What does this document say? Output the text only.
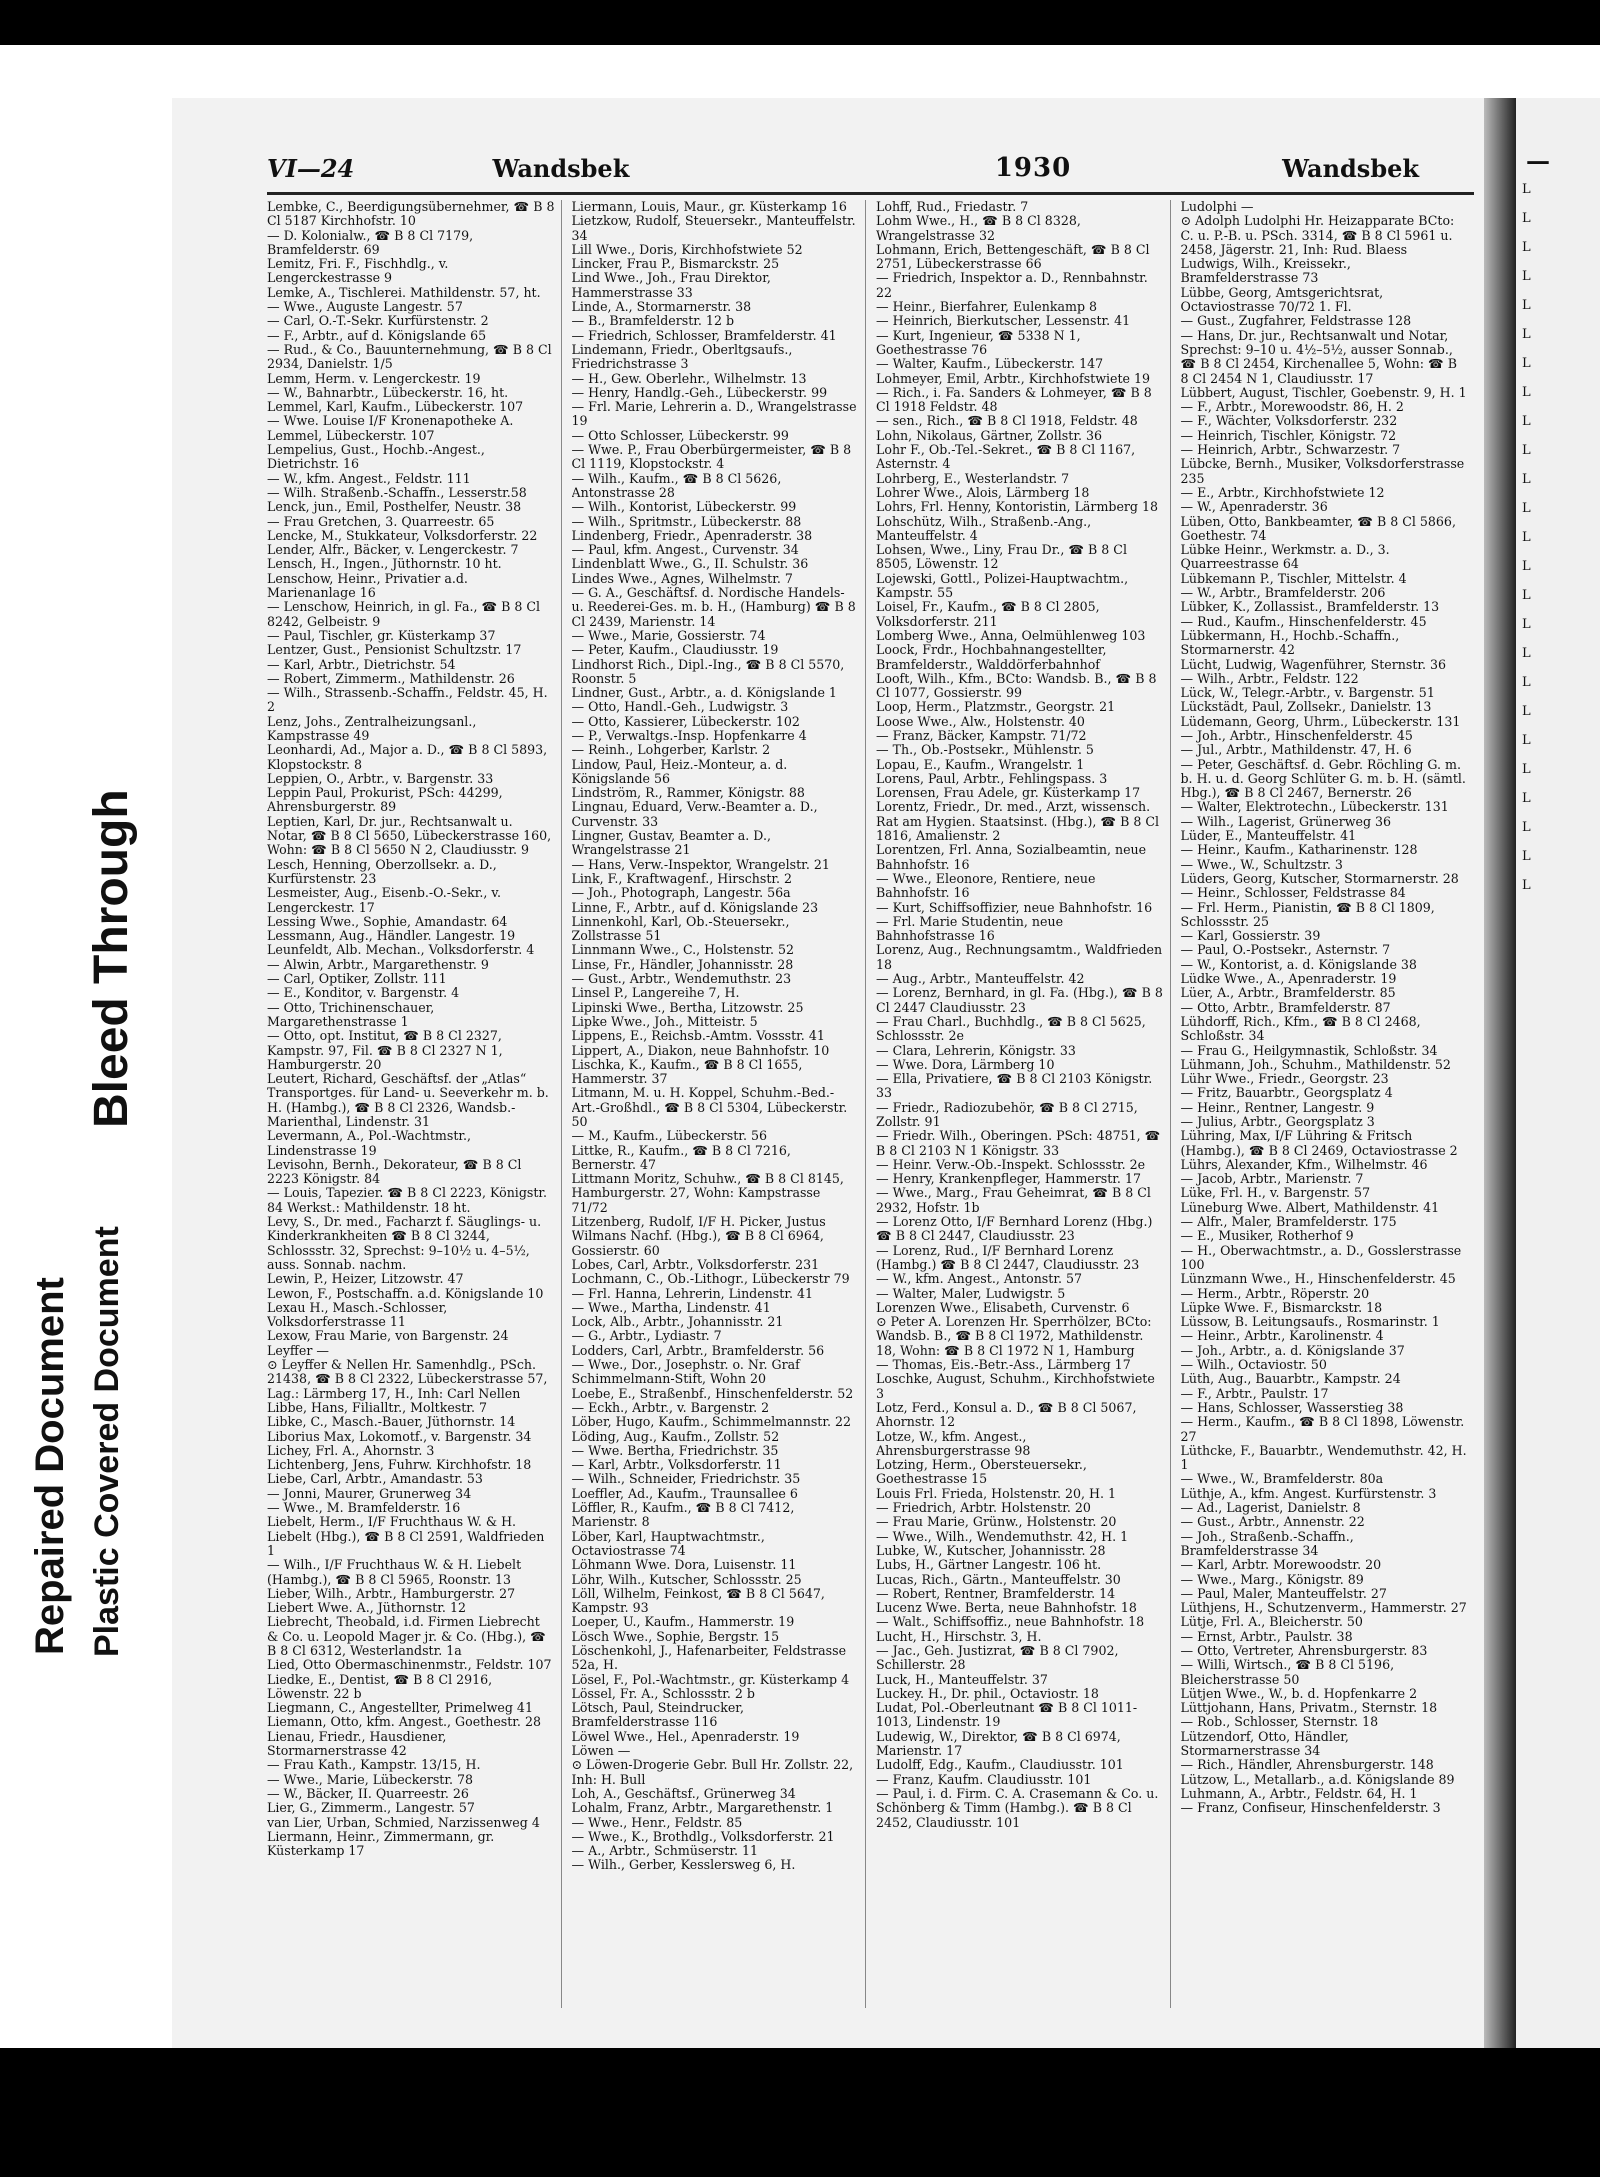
Repaired Document Plastic Covered Document
Bleed Through
VI—24	Wandsbek	1930	Wandsbek
Lembke, C., Beerdigungsübernehmer, ☎ B 8 Cl 5187 Kirchhofstr. 10
— D. Kolonialw., ☎ B 8 Cl 7179, Bramfelderstr. 69
Lemitz, Fri. F., Fischhdlg., v. Lengerckestrasse 9
Lemke, A., Tischlerei. Mathildenstr. 57, ht.
— Wwe., Auguste Langestr. 57
— Carl, O.-T.-Sekr. Kurfürstenstr. 2
— F., Arbtr., auf d. Königslande 65
— Rud., & Co., Bauunternehmung, ☎ B 8 Cl 2934, Danielstr. 1/5
Lemm, Herm. v. Lengerckestr. 19
— W., Bahnarbtr., Lübeckerstr. 16, ht.
Lemmel, Karl, Kaufm., Lübeckerstr. 107
— Wwe. Louise I/F Kronenapotheke A. Lemmel, Lübeckerstr. 107
Lempelius, Gust., Hochb.-Angest., Dietrichstr. 16
— W., kfm. Angest., Feldstr. 111
— Wilh. Straßenb.-Schaffn., Lesserstr.58
Lenck, jun., Emil, Posthelfer, Neustr. 38
— Frau Gretchen, 3. Quarreestr. 65
Lencke, M., Stukkateur, Volksdorferstr. 22
Lender, Alfr., Bäcker, v. Lengerckestr. 7
Lensch, H., Ingen., Jüthornstr. 10 ht.
Lenschow, Heinr., Privatier a.d. Marienanlage 16
— Lenschow, Heinrich, in gl. Fa., ☎ B 8 Cl 8242, Gelbeistr. 9
— Paul, Tischler, gr. Küsterkamp 37
Lentzer, Gust., Pensionist Schultzstr. 17
— Karl, Arbtr., Dietrichstr. 54
— Robert, Zimmerm., Mathildenstr. 26
— Wilh., Strassenb.-Schaffn., Feldstr. 45, H. 2
Lenz, Johs., Zentralheizungsanl., Kampstrasse 49
Leonhardi, Ad., Major a. D., ☎ B 8 Cl 5893, Klopstockstr. 8
Leppien, O., Arbtr., v. Bargenstr. 33
Leppin Paul, Prokurist, PSch: 44299, Ahrensburgerstr. 89
Leptien, Karl, Dr. jur., Rechtsanwalt u. Notar, ☎ B 8 Cl 5650, Lübeckerstrasse 160, Wohn: ☎ B 8 Cl 5650 N 2, Claudiusstr. 9
Lesch, Henning, Oberzollsekr. a. D., Kurfürstenstr. 23
Lesmeister, Aug., Eisenb.-O.-Sekr., v. Lengerckestr. 17
Lessing Wwe., Sophie, Amandastr. 64
Lessmann, Aug., Händler. Langestr. 19
Leunfeldt, Alb. Mechan., Volksdorferstr. 4
— Alwin, Arbtr., Margarethenstr. 9
— Carl, Optiker, Zollstr. 111
— E., Konditor, v. Bargenstr. 4
— Otto, Trichinenschauer, Margarethenstrasse 1
— Otto, opt. Institut, ☎ B 8 Cl 2327, Kampstr. 97, Fil. ☎ B 8 Cl 2327 N 1, Hamburgerstr. 20
Leutert, Richard, Geschäftsf. der „Atlas“ Transportges. für Land- u. Seeverkehr m. b. H. (Hambg.), ☎ B 8 Cl 2326, Wandsb.-Marienthal, Lindenstr. 31
Levermann, A., Pol.-Wachtmstr., Lindenstrasse 19
Levisohn, Bernh., Dekorateur, ☎ B 8 Cl 2223 Königstr. 84
— Louis, Tapezier. ☎ B 8 Cl 2223, Königstr. 84 Werkst.: Mathildenstr. 18 ht.
Levy, S., Dr. med., Facharzt f. Säuglings- u. Kinderkrankheiten ☎ B 8 Cl 3244, Schlossstr. 32, Sprechst: 9–10½ u. 4–5½, auss. Sonnab. nachm.
Lewin, P., Heizer, Litzowstr. 47
Lewon, F., Postschaffn. a.d. Königslande 10
Lexau H., Masch.-Schlosser, Volksdorferstrasse 11
Lexow, Frau Marie, von Bargenstr. 24
Leyffer —
⊙ Leyffer & Nellen Hr. Samenhdlg., PSch. 21438, ☎ B 8 Cl 2322, Lübeckerstrasse 57, Lag.: Lärmberg 17, H., Inh: Carl Nellen
Libbe, Hans, Filialltr., Moltkestr. 7
Libke, C., Masch.-Bauer, Jüthornstr. 14
Liborius Max, Lokomotf., v. Bargenstr. 34
Lichey, Frl. A., Ahornstr. 3
Lichtenberg, Jens, Fuhrw. Kirchhofstr. 18
Liebe, Carl, Arbtr., Amandastr. 53
— Jonni, Maurer, Grunerweg 34
— Wwe., M. Bramfelderstr. 16
Liebelt, Herm., I/F Fruchthaus W. & H. Liebelt (Hbg.), ☎ B 8 Cl 2591, Waldfrieden 1
— Wilh., I/F Fruchthaus W. & H. Liebelt (Hambg.), ☎ B 8 Cl 5965, Roonstr. 13
Lieber, Wilh., Arbtr., Hamburgerstr. 27
Liebert Wwe. A., Jüthornstr. 12
Liebrecht, Theobald, i.d. Firmen Liebrecht & Co. u. Leopold Mager jr. & Co. (Hbg.), ☎ B 8 Cl 6312, Westerlandstr. 1a
Lied, Otto Obermaschinenmstr., Feldstr. 107
Liedke, E., Dentist, ☎ B 8 Cl 2916, Löwenstr. 22 b
Liegmann, C., Angestellter, Primelweg 41
Liemann, Otto, kfm. Angest., Goethestr. 28
Lienau, Friedr., Hausdiener, Stormarnerstrasse 42
— Frau Kath., Kampstr. 13/15, H.
— Wwe., Marie, Lübeckerstr. 78
— W., Bäcker, II. Quarreestr. 26
Lier, G., Zimmerm., Langestr. 57
van Lier, Urban, Schmied, Narzissenweg 4
Liermann, Heinr., Zimmermann, gr. Küsterkamp 17
Liermann, Louis, Maur., gr. Küsterkamp 16
Lietzkow, Rudolf, Steuersekr., Manteuffelstr. 34
Lill Wwe., Doris, Kirchhofstwiete 52
Lincker, Frau P., Bismarckstr. 25
Lind Wwe., Joh., Frau Direktor, Hammerstrasse 33
Linde, A., Stormarnerstr. 38
— B., Bramfelderstr. 12 b
— Friedrich, Schlosser, Bramfelderstr. 41
Lindemann, Friedr., Oberltgsaufs., Friedrichstrasse 3
— H., Gew. Oberlehr., Wilhelmstr. 13
— Henry, Handlg.-Geh., Lübeckerstr. 99
— Frl. Marie, Lehrerin a. D., Wrangelstrasse 19
— Otto Schlosser, Lübeckerstr. 99
— Wwe. P., Frau Oberbürgermeister, ☎ B 8 Cl 1119, Klopstockstr. 4
— Wilh., Kaufm., ☎ B 8 Cl 5626, Antonstrasse 28
— Wilh., Kontorist, Lübeckerstr. 99
— Wilh., Spritmstr., Lübeckerstr. 88
Lindenberg, Friedr., Apenraderstr. 38
— Paul, kfm. Angest., Curvenstr. 34
Lindenblatt Wwe., G., II. Schulstr. 36
Lindes Wwe., Agnes, Wilhelmstr. 7
— G. A., Geschäftsf. d. Nordische Handels- u. Reederei-Ges. m. b. H., (Hamburg) ☎ B 8 Cl 2439, Marienstr. 14
— Wwe., Marie, Gossierstr. 74
— Peter, Kaufm., Claudiusstr. 19
Lindhorst Rich., Dipl.-Ing., ☎ B 8 Cl 5570, Roonstr. 5
Lindner, Gust., Arbtr., a. d. Königslande 1
— Otto, Handl.-Geh., Ludwigstr. 3
— Otto, Kassierer, Lübeckerstr. 102
— P., Verwaltgs.-Insp. Hopfenkarre 4
— Reinh., Lohgerber, Karlstr. 2
Lindow, Paul, Heiz.-Monteur, a. d. Königslande 56
Lindström, R., Rammer, Königstr. 88
Lingnau, Eduard, Verw.-Beamter a. D., Curvenstr. 33
Lingner, Gustav, Beamter a. D., Wrangelstrasse 21
— Hans, Verw.-Inspektor, Wrangelstr. 21
Link, F., Kraftwagenf., Hirschstr. 2
— Joh., Photograph, Langestr. 56a
Linne, F., Arbtr., auf d. Königslande 23
Linnenkohl, Karl, Ob.-Steuersekr., Zollstrasse 51
Linnmann Wwe., C., Holstenstr. 52
Linse, Fr., Händler, Johannisstr. 28
— Gust., Arbtr., Wendemuthstr. 23
Linsel P., Langereihe 7, H.
Lipinski Wwe., Bertha, Litzowstr. 25
Lipke Wwe., Joh., Mitteistr. 5
Lippens, E., Reichsb.-Amtm. Vossstr. 41
Lippert, A., Diakon, neue Bahnhofstr. 10
Lischka, K., Kaufm., ☎ B 8 Cl 1655, Hammerstr. 37
Litmann, M. u. H. Koppel, Schuhm.-Bed.-Art.-Großhdl., ☎ B 8 Cl 5304, Lübeckerstr. 50
— M., Kaufm., Lübeckerstr. 56
Littke, R., Kaufm., ☎ B 8 Cl 7216, Bernerstr. 47
Littmann Moritz, Schuhw., ☎ B 8 Cl 8145, Hamburgerstr. 27, Wohn: Kampstrasse 71/72
Litzenberg, Rudolf, I/F H. Picker, Justus Wilmans Nachf. (Hbg.), ☎ B 8 Cl 6964, Gossierstr. 60
Lobes, Carl, Arbtr., Volksdorferstr. 231
Lochmann, C., Ob.-Lithogr., Lübeckerstr 79
— Frl. Hanna, Lehrerin, Lindenstr. 41
— Wwe., Martha, Lindenstr. 41
Lock, Alb., Arbtr., Johannisstr. 21
— G., Arbtr., Lydiastr. 7
Lodders, Carl, Arbtr., Bramfelderstr. 56
— Wwe., Dor., Josephstr. o. Nr. Graf Schimmelmann-Stift, Wohn 20
Loebe, E., Straßenbf., Hinschenfelderstr. 52
— Eckh., Arbtr., v. Bargenstr. 2
Löber, Hugo, Kaufm., Schimmelmannstr. 22
Löding, Aug., Kaufm., Zollstr. 52
— Wwe. Bertha, Friedrichstr. 35
— Karl, Arbtr., Volksdorferstr. 11
— Wilh., Schneider, Friedrichstr. 35
Loeffler, Ad., Kaufm., Traunsallee 6
Löffler, R., Kaufm., ☎ B 8 Cl 7412, Marienstr. 8
Löber, Karl, Hauptwachtmstr., Octaviostrasse 74
Löhmann Wwe. Dora, Luisenstr. 11
Löhr, Wilh., Kutscher, Schlossstr. 25
Löll, Wilhelm, Feinkost, ☎ B 8 Cl 5647, Kampstr. 93
Loeper, U., Kaufm., Hammerstr. 19
Lösch Wwe., Sophie, Bergstr. 15
Löschenkohl, J., Hafenarbeiter, Feldstrasse 52a, H.
Lösel, F., Pol.-Wachtmstr., gr. Küsterkamp 4
Lössel, Fr. A., Schlossstr. 2 b
Lötsch, Paul, Steindrucker, Bramfelderstrasse 116
Löwel Wwe., Hel., Apenraderstr. 19
Löwen —
⊙ Löwen-Drogerie Gebr. Bull Hr. Zollstr. 22, Inh: H. Bull
Loh, A., Geschäftsf., Grünerweg 34
Lohalm, Franz, Arbtr., Margarethenstr. 1
— Wwe., Henr., Feldstr. 85
— Wwe., K., Brothdlg., Volksdorferstr. 21
— A., Arbtr., Schmüserstr. 11
— Wilh., Gerber, Kesslersweg 6, H.
Lohff, Rud., Friedastr. 7
Lohm Wwe., H., ☎ B 8 Cl 8328, Wrangelstrasse 32
Lohmann, Erich, Bettengeschäft, ☎ B 8 Cl 2751, Lübeckerstrasse 66
— Friedrich, Inspektor a. D., Rennbahnstr. 22
— Heinr., Bierfahrer, Eulenkamp 8
— Heinrich, Bierkutscher, Lessenstr. 41
— Kurt, Ingenieur, ☎ 5338 N 1, Goethestrasse 76
— Walter, Kaufm., Lübeckerstr. 147
Lohmeyer, Emil, Arbtr., Kirchhofstwiete 19
— Rich., i. Fa. Sanders & Lohmeyer, ☎ B 8 Cl 1918 Feldstr. 48
— sen., Rich., ☎ B 8 Cl 1918, Feldstr. 48
Lohn, Nikolaus, Gärtner, Zollstr. 36
Lohr F., Ob.-Tel.-Sekret., ☎ B 8 Cl 1167, Asternstr. 4
Lohrberg, E., Westerlandstr. 7
Lohrer Wwe., Alois, Lärmberg 18
Lohrs, Frl. Henny, Kontoristin, Lärmberg 18
Lohschütz, Wilh., Straßenb.-Ang., Manteuffelstr. 4
Lohsen, Wwe., Liny, Frau Dr., ☎ B 8 Cl 8505, Löwenstr. 12
Lojewski, Gottl., Polizei-Hauptwachtm., Kampstr. 55
Loisel, Fr., Kaufm., ☎ B 8 Cl 2805, Volksdorferstr. 211
Lomberg Wwe., Anna, Oelmühlenweg 103
Loock, Frdr., Hochbahnangestellter, Bramfelderstr., Walddörferbahnhof
Looft, Wilh., Kfm., BCto: Wandsb. B., ☎ B 8 Cl 1077, Gossierstr. 99
Loop, Herm., Platzmstr., Georgstr. 21
Loose Wwe., Alw., Holstenstr. 40
— Franz, Bäcker, Kampstr. 71/72
— Th., Ob.-Postsekr., Mühlenstr. 5
Lopau, E., Kaufm., Wrangelstr. 1
Lorens, Paul, Arbtr., Fehlingspass. 3
Lorensen, Frau Adele, gr. Küsterkamp 17
Lorentz, Friedr., Dr. med., Arzt, wissensch. Rat am Hygien. Staatsinst. (Hbg.), ☎ B 8 Cl 1816, Amalienstr. 2
Lorentzen, Frl. Anna, Sozialbeamtin, neue Bahnhofstr. 16
— Wwe., Eleonore, Rentiere, neue Bahnhofstr. 16
— Kurt, Schiffsoffizier, neue Bahnhofstr. 16
— Frl. Marie Studentin, neue Bahnhofstrasse 16
Lorenz, Aug., Rechnungsamtm., Waldfrieden 18
— Aug., Arbtr., Manteuffelstr. 42
— Lorenz, Bernhard, in gl. Fa. (Hbg.), ☎ B 8 Cl 2447 Claudiusstr. 23
— Frau Charl., Buchhdlg., ☎ B 8 Cl 5625, Schlossstr. 2e
— Clara, Lehrerin, Königstr. 33
— Wwe. Dora, Lärmberg 10
— Ella, Privatiere, ☎ B 8 Cl 2103 Königstr. 33
— Friedr., Radiozubehör, ☎ B 8 Cl 2715, Zollstr. 91
— Friedr. Wilh., Oberingen. PSch: 48751, ☎ B 8 Cl 2103 N 1 Königstr. 33
— Heinr. Verw.-Ob.-Inspekt. Schlossstr. 2e
— Henry, Krankenpfleger, Hammerstr. 17
— Wwe., Marg., Frau Geheimrat, ☎ B 8 Cl 2932, Hofstr. 1b
— Lorenz Otto, I/F Bernhard Lorenz (Hbg.) ☎ B 8 Cl 2447, Claudiusstr. 23
— Lorenz, Rud., I/F Bernhard Lorenz (Hambg.) ☎ B 8 Cl 2447, Claudiusstr. 23
— W., kfm. Angest., Antonstr. 57
— Walter, Maler, Ludwigstr. 5
Lorenzen Wwe., Elisabeth, Curvenstr. 6
⊙ Peter A. Lorenzen Hr. Sperrhölzer, BCto: Wandsb. B., ☎ B 8 Cl 1972, Mathildenstr. 18, Wohn: ☎ B 8 Cl 1972 N 1, Hamburg
— Thomas, Eis.-Betr.-Ass., Lärmberg 17
Loschke, August, Schuhm., Kirchhofstwiete 3
Lotz, Ferd., Konsul a. D., ☎ B 8 Cl 5067, Ahornstr. 12
Lotze, W., kfm. Angest., Ahrensburgerstrasse 98
Lotzing, Herm., Obersteuersekr., Goethestrasse 15
Louis Frl. Frieda, Holstenstr. 20, H. 1
— Friedrich, Arbtr. Holstenstr. 20
— Frau Marie, Grünw., Holstenstr. 20
— Wwe., Wilh., Wendemuthstr. 42, H. 1
Lubke, W., Kutscher, Johannisstr. 28
Lubs, H., Gärtner Langestr. 106 ht.
Lucas, Rich., Gärtn., Manteuffelstr. 30
— Robert, Rentner, Bramfelderstr. 14
Lucenz Wwe. Berta, neue Bahnhofstr. 18
— Walt., Schiffsoffiz., neue Bahnhofstr. 18
Lucht, H., Hirschstr. 3, H.
— Jac., Geh. Justizrat, ☎ B 8 Cl 7902, Schillerstr. 28
Luck, H., Manteuffelstr. 37
Luckey. H., Dr. phil., Octaviostr. 18
Ludat, Pol.-Oberleutnant ☎ B 8 Cl 1011-1013, Lindenstr. 19
Ludewig, W., Direktor, ☎ B 8 Cl 6974, Marienstr. 17
Ludolff, Edg., Kaufm., Claudiusstr. 101
— Franz, Kaufm. Claudiusstr. 101
— Paul, i. d. Firm. C. A. Crasemann & Co. u. Schönberg & Timm (Hambg.). ☎ B 8 Cl 2452, Claudiusstr. 101
Ludolphi —
⊙ Adolph Ludolphi Hr. Heizapparate BCto: C. u. P.-B. u. PSch. 3314, ☎ B 8 Cl 5961 u. 2458, Jägerstr. 21, Inh: Rud. Blaess
Ludwigs, Wilh., Kreissekr., Bramfelderstrasse 73
Lübbe, Georg, Amtsgerichtsrat, Octaviostrasse 70/72 1. Fl.
— Gust., Zugfahrer, Feldstrasse 128
— Hans, Dr. jur., Rechtsanwalt und Notar, Sprechst: 9–10 u. 4½–5½, ausser Sonnab., ☎ B 8 Cl 2454, Kirchenallee 5, Wohn: ☎ B 8 Cl 2454 N 1, Claudiusstr. 17
Lübbert, August, Tischler, Goebenstr. 9, H. 1
— F., Arbtr., Morewoodstr. 86, H. 2
— F., Wächter, Volksdorferstr. 232
— Heinrich, Tischler, Königstr. 72
— Heinrich, Arbtr., Schwarzestr. 7
Lübcke, Bernh., Musiker, Volksdorferstrasse 235
— E., Arbtr., Kirchhofstwiete 12
— W., Apenraderstr. 36
Lüben, Otto, Bankbeamter, ☎ B 8 Cl 5866, Goethestr. 74
Lübke Heinr., Werkmstr. a. D., 3. Quarreestrasse 64
Lübkemann P., Tischler, Mittelstr. 4
— W., Arbtr., Bramfelderstr. 206
Lübker, K., Zollassist., Bramfelderstr. 13
— Rud., Kaufm., Hinschenfelderstr. 45
Lübkermann, H., Hochb.-Schaffn., Stormarnerstr. 42
Lücht, Ludwig, Wagenführer, Sternstr. 36
— Wilh., Arbtr., Feldstr. 122
Lück, W., Telegr.-Arbtr., v. Bargenstr. 51
Lückstädt, Paul, Zollsekr., Danielstr. 13
Lüdemann, Georg, Uhrm., Lübeckerstr. 131
— Joh., Arbtr., Hinschenfelderstr. 45
— Jul., Arbtr., Mathildenstr. 47, H. 6
— Peter, Geschäftsf. d. Gebr. Röchling G. m. b. H. u. d. Georg Schlüter G. m. b. H. (sämtl. Hbg.), ☎ B 8 Cl 2467, Bernerstr. 26
— Walter, Elektrotechn., Lübeckerstr. 131
— Wilh., Lagerist, Grünerweg 36
Lüder, E., Manteuffelstr. 41
— Heinr., Kaufm., Katharinenstr. 128
— Wwe., W., Schultzstr. 3
Lüders, Georg, Kutscher, Stormarnerstr. 28
— Heinr., Schlosser, Feldstrasse 84
— Frl. Herm., Pianistin, ☎ B 8 Cl 1809, Schlossstr. 25
— Karl, Gossierstr. 39
— Paul, O.-Postsekr., Asternstr. 7
— W., Kontorist, a. d. Königslande 38
Lüdke Wwe., A., Apenraderstr. 19
Lüer, A., Arbtr., Bramfelderstr. 85
— Otto, Arbtr., Bramfelderstr. 87
Lühdorff, Rich., Kfm., ☎ B 8 Cl 2468, Schloßstr. 34
— Frau G., Heilgymnastik, Schloßstr. 34
Lühmann, Joh., Schuhm., Mathildenstr. 52
Lühr Wwe., Friedr., Georgstr. 23
— Fritz, Bauarbtr., Georgsplatz 4
— Heinr., Rentner, Langestr. 9
— Julius, Arbtr., Georgsplatz 3
Lühring, Max, I/F Lühring & Fritsch (Hambg.), ☎ B 8 Cl 2469, Octaviostrasse 2
Lührs, Alexander, Kfm., Wilhelmstr. 46
— Jacob, Arbtr., Marienstr. 7
Lüke, Frl. H., v. Bargenstr. 57
Lüneburg Wwe. Albert, Mathildenstr. 41
— Alfr., Maler, Bramfelderstr. 175
— E., Musiker, Rotherhof 9
— H., Oberwachtmstr., a. D., Gosslerstrasse 100
Lünzmann Wwe., H., Hinschenfelderstr. 45
— Herm., Arbtr., Röperstr. 20
Lüpke Wwe. F., Bismarckstr. 18
Lüssow, B. Leitungsaufs., Rosmarinstr. 1
— Heinr., Arbtr., Karolinenstr. 4
— Joh., Arbtr., a. d. Königslande 37
— Wilh., Octaviostr. 50
Lüth, Aug., Bauarbtr., Kampstr. 24
— F., Arbtr., Paulstr. 17
— Hans, Schlosser, Wasserstieg 38
— Herm., Kaufm., ☎ B 8 Cl 1898, Löwenstr. 27
Lüthcke, F., Bauarbtr., Wendemuthstr. 42, H. 1
— Wwe., W., Bramfelderstr. 80a
Lüthje, A., kfm. Angest. Kurfürstenstr. 3
— Ad., Lagerist, Danielstr. 8
— Gust., Arbtr., Annenstr. 22
— Joh., Straßenb.-Schaffn., Bramfelderstrasse 34
— Karl, Arbtr. Morewoodstr. 20
— Wwe., Marg., Königstr. 89
— Paul, Maler, Manteuffelstr. 27
Lüthjens, H., Schutzenverm., Hammerstr. 27
Lütje, Frl. A., Bleicherstr. 50
— Ernst, Arbtr., Paulstr. 38
— Otto, Vertreter, Ahrensburgerstr. 83
— Willi, Wirtsch., ☎ B 8 Cl 5196, Bleicherstrasse 50
Lütjen Wwe., W., b. d. Hopfenkarre 2
Lüttjohann, Hans, Privatm., Sternstr. 18
— Rob., Schlosser, Sternstr. 18
Lützendorf, Otto, Händler, Stormarnerstrasse 34
— Rich., Händler, Ahrensburgerstr. 148
Lützow, L., Metallarb., a.d. Königslande 89
Luhmann, A., Arbtr., Feldstr. 64, H. 1
— Franz, Confiseur, Hinschenfelderstr. 3
—
L
L
L
L
L
L
L
L
L
L
L
L
L
L
L
L
L
L
L
L
L
L
L
L
L
